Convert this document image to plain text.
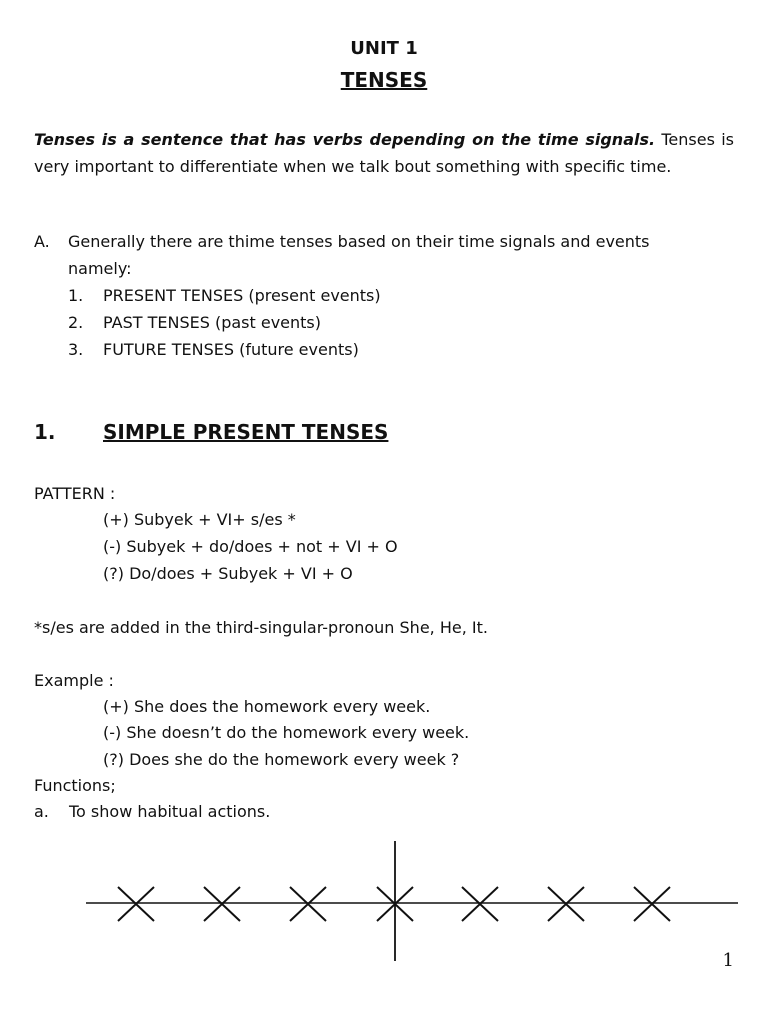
UNIT 1
TENSES
Tenses is a sentence that has verbs depending on the time signals. Tenses is very important to differentiate when we talk bout something with specific time.
A. Generally there are thime tenses based on their time signals and events
namely:
1. PRESENT TENSES (present events)
2. PAST TENSES (past events)
3. FUTURE TENSES (future events)
1. SIMPLE PRESENT TENSES
PATTERN :
(+) Subyek + VI+ s/es *
(-) Subyek + do/does + not + VI + O
(?) Do/does + Subyek + VI + O
*s/es are added in the third-singular-pronoun She, He, It.
Example :
(+) She does the homework every week.
(-) She doesn’t do the homework every week.
(?) Does she do the homework every week ?
Functions;
a. To show habitual actions.
1
